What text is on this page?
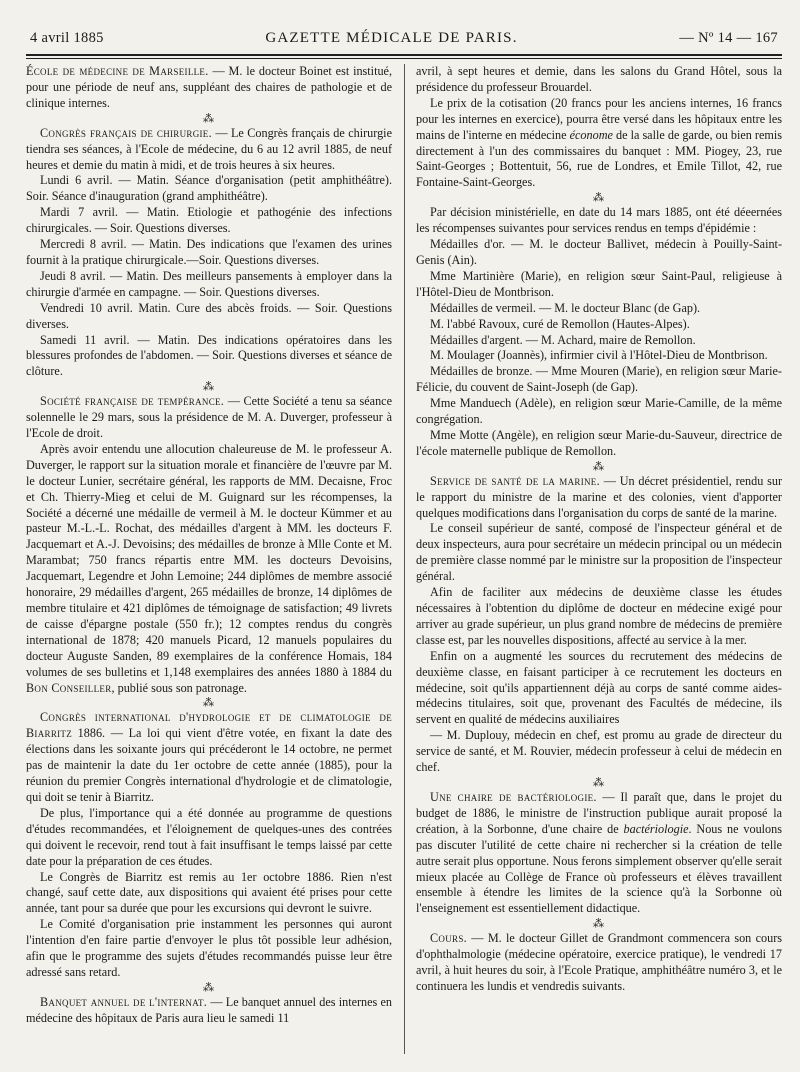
4 avril 1885	GAZETTE MÉDICALE DE PARIS.	— Nº 14 — 167

École de médecine de Marseille. — M. le docteur Boinet est institué, pour une période de neuf ans, suppléant des chaires de pathologie et de clinique internes.

⁂

Congrès français de chirurgie. — Le Congrès français de chirurgie tiendra ses séances, à l'Ecole de médecine, du 6 au 12 avril 1885, de neuf heures et demie du matin à midi, et de trois heures à six heures.

Lundi 6 avril. — Matin. Séance d'organisation (petit amphithéâtre). Soir. Séance d'inauguration (grand amphithéâtre).

Mardi 7 avril. — Matin. Etiologie et pathogénie des infections chirurgicales. — Soir. Questions diverses.

Mercredi 8 avril. — Matin. Des indications que l'examen des urines fournit à la pratique chirurgicale.—Soir. Questions diverses.

Jeudi 8 avril. — Matin. Des meilleurs pansements à employer dans la chirurgie d'armée en campagne. — Soir. Questions diverses.

Vendredi 10 avril. Matin. Cure des abcès froids. — Soir. Questions diverses.

Samedi 11 avril. — Matin. Des indications opératoires dans les blessures profondes de l'abdomen. — Soir. Questions diverses et séance de clôture.

⁂

Société française de tempérance. — Cette Société a tenu sa séance solennelle le 29 mars, sous la présidence de M. A. Duverger, professeur à l'Ecole de droit.

Après avoir entendu une allocution chaleureuse de M. le professeur A. Duverger, le rapport sur la situation morale et financière de l'œuvre par M. le docteur Lunier, secrétaire général, les rapports de MM. Decaisne, Froc et Ch. Thierry-Mieg et celui de M. Guignard sur les récompenses, la Société a décerné une médaille de vermeil à M. le docteur Kümmer et au pasteur M.-L.-L. Rochat, des médailles d'argent à MM. les docteurs F. Jacquemart et A.-J. Devoisins; des médailles de bronze à Mlle Conte et M. Marambat; 750 francs répartis entre MM. les docteurs Devoisins, Jacquemart, Legendre et John Lemoine; 244 diplômes de membre associé honoraire, 29 médailles d'argent, 265 médailles de bronze, 14 diplômes de membre titulaire et 421 diplômes de témoignage de satisfaction; 49 livrets de caisse d'épargne postale (550 fr.); 12 comptes rendus du congrès international de 1878; 420 manuels Picard, 12 manuels populaires du docteur Auguste Sanden, 89 exemplaires de la conférence Homais, 184 volumes de ses bulletins et 1,148 exemplaires des années 1880 à 1884 du Bon Conseiller, publié sous son patronage.

⁂

Congrès international d'hydrologie et de climatologie de Biarritz 1886. — La loi qui vient d'être votée, en fixant la date des élections dans les soixante jours qui précéderont le 14 octobre, ne permet pas de maintenir la date du 1er octobre de cette année (1885), pour la réunion du premier Congrès international d'hydrologie et de climatologie, qui doit se tenir à Biarritz.

De plus, l'importance qui a été donnée au programme de questions d'études recommandées, et l'éloignement de quelques-unes des contrées qui doivent le recevoir, rend tout à fait insuffisant le temps laissé par cette date pour la préparation de ces études.

Le Congrès de Biarritz est remis au 1er octobre 1886. Rien n'est changé, sauf cette date, aux dispositions qui avaient été prises pour cette année, tant pour sa durée que pour les excursions qui devront le suivre.

Le Comité d'organisation prie instamment les personnes qui auront l'intention d'en faire partie d'envoyer le plus tôt possible leur adhésion, afin que le programme des sujets d'études recommandés puisse leur être adressé sans retard.

⁂

Banquet annuel de l'internat. — Le banquet annuel des internes en médecine des hôpitaux de Paris aura lieu le samedi 11

avril, à sept heures et demie, dans les salons du Grand Hôtel, sous la présidence du professeur Brouardel.

Le prix de la cotisation (20 francs pour les anciens internes, 16 francs pour les internes en exercice), pourra être versé dans les hôpitaux entre les mains de l'interne en médecine économe de la salle de garde, ou bien remis directement à l'un des commissaires du banquet : MM. Piogey, 23, rue Saint-Georges ; Bottentuit, 56, rue de Londres, et Emile Tillot, 42, rue Fontaine-Saint-Georges.

⁂

Par décision ministérielle, en date du 14 mars 1885, ont été déeernées les récompenses suivantes pour services rendus en temps d'épidémie :

Médailles d'or. — M. le docteur Ballivet, médecin à Pouilly-Saint-Genis (Ain).

Mme Martinière (Marie), en religion sœur Saint-Paul, religieuse à l'Hôtel-Dieu de Montbrison.

Médailles de vermeil. — M. le docteur Blanc (de Gap).

M. l'abbé Ravoux, curé de Remollon (Hautes-Alpes).

Médailles d'argent. — M. Achard, maire de Remollon.

M. Moulager (Joannès), infirmier civil à l'Hôtel-Dieu de Montbrison.

Médailles de bronze. — Mme Mouren (Marie), en religion sœur Marie-Félicie, du couvent de Saint-Joseph (de Gap).

Mme Manduech (Adèle), en religion sœur Marie-Camille, de la même congrégation.

Mme Motte (Angèle), en religion sœur Marie-du-Sauveur, directrice de l'école maternelle publique de Remollon.

⁂

Service de santé de la marine. — Un décret présidentiel, rendu sur le rapport du ministre de la marine et des colonies, vient d'apporter quelques modifications dans l'organisation du corps de santé de la marine.

Le conseil supérieur de santé, composé de l'inspecteur général et de deux inspecteurs, aura pour secrétaire un médecin principal ou un médecin de première classe nommé par le ministre sur la proposition de l'inspecteur général.

Afin de faciliter aux médecins de deuxième classe les études nécessaires à l'obtention du diplôme de docteur en médecine exigé pour arriver au grade supérieur, un plus grand nombre de médecins de première classe est, par les nouvelles dispositions, affecté au service à la mer.

Enfin on a augmenté les sources du recrutement des médecins de deuxième classe, en faisant participer à ce recrutement les docteurs en médecine, soit qu'ils appartiennent déjà au corps de santé comme aides-médecins titulaires, soit que, provenant des Facultés de médecine, ils servent en qualité de médecins auxiliaires

— M. Duplouy, médecin en chef, est promu au grade de directeur du service de santé, et M. Rouvier, médecin professeur à celui de médecin en chef.

⁂

Une chaire de bactériologie. — Il paraît que, dans le projet du budget de 1886, le ministre de l'instruction publique aurait proposé la création, à la Sorbonne, d'une chaire de bactériologie. Nous ne voulons pas discuter l'utilité de cette chaire ni rechercher si la création de telle autre serait plus opportune. Nous ferons simplement observer qu'elle serait mieux placée au Collège de France où professeurs et élèves travaillent ensemble à étendre les limites de la science qu'à la Sorbonne où l'enseignement est essentiellement didactique.

⁂

Cours. — M. le docteur Gillet de Grandmont commencera son cours d'ophthalmologie (médecine opératoire, exercice pratique), le vendredi 17 avril, à huit heures du soir, à l'Ecole Pratique, amphithéâtre numéro 3, et le continuera les lundis et vendredis suivants.
